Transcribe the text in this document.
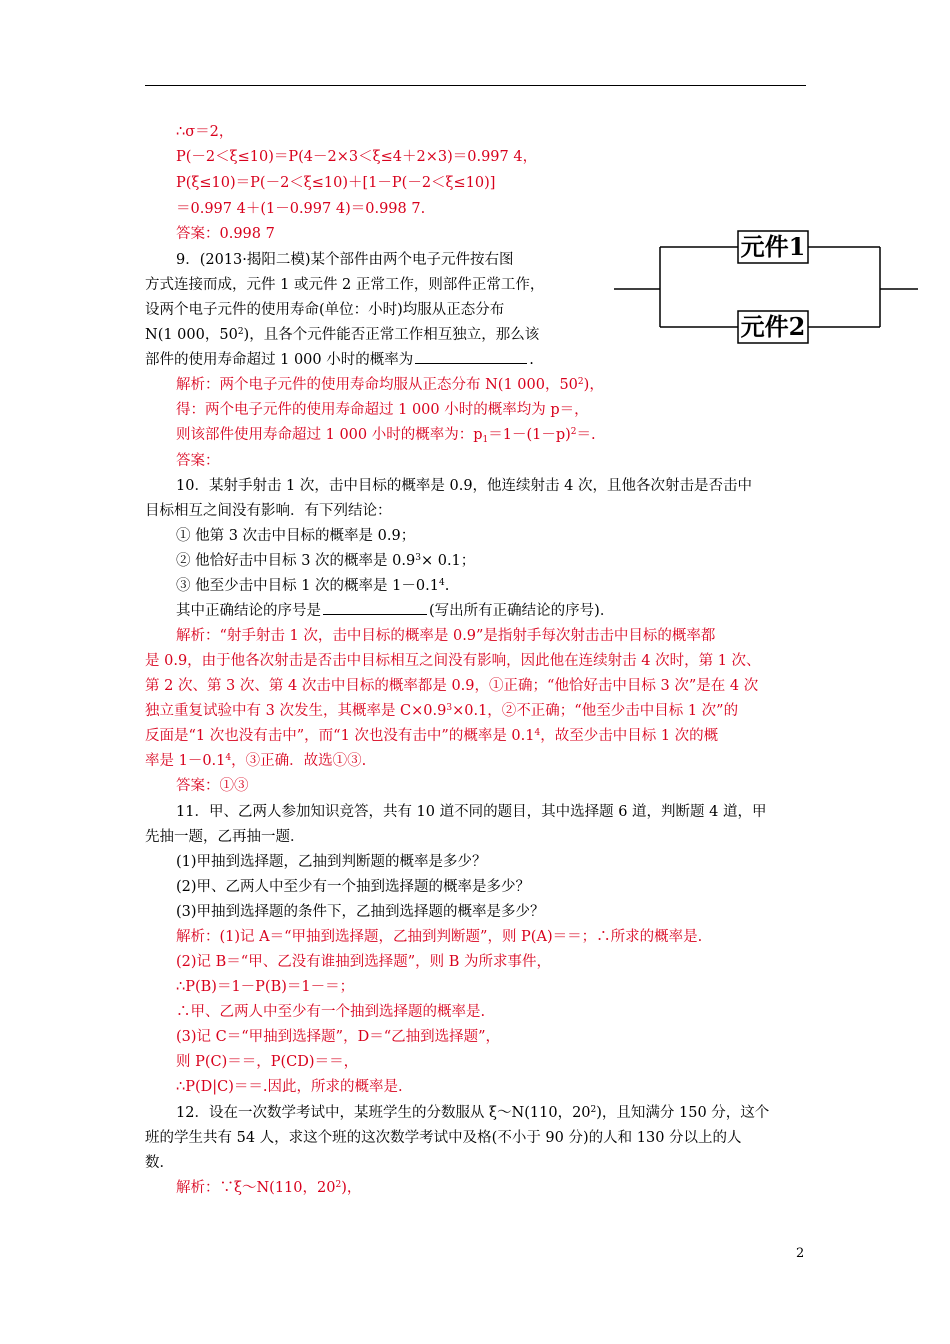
∴σ＝2，
P(－2＜ξ≤10)＝P(4－2×3＜ξ≤4＋2×3)＝0.997 4，
P(ξ≤10)＝P(－2＜ξ≤10)＋[1－P(－2＜ξ≤10)]
＝0.997 4＋(1－0.997 4)＝0.998 7.
答案：0.998 7
9．(2013·揭阳二模)某个部件由两个电子元件按右图
方式连接而成，元件 1 或元件 2 正常工作，则部件正常工作，
设两个电子元件的使用寿命(单位：小时)均服从正态分布
N(1 000，$50^2$)，且各个元件能否正常工作相互独立，那么该
部件的使用寿命超过 1 000 小时的概率为	.
解析：两个电子元件的使用寿命均服从正态分布 N(1 000，$50^2$)，
得：两个电子元件的使用寿命超过 1 000 小时的概率均为 p＝，
则该部件使用寿命超过 1 000 小时的概率为：$p_1=1-(1-p)^2=$.
答案：
元件1
元件2
10．某射手射击 1 次，击中目标的概率是 0.9，他连续射击 4 次，且他各次射击是否击中
目标相互之间没有影响．有下列结论：
① 他第 3 次击中目标的概率是 0.9；
② 他恰好击中目标 3 次的概率是 $0.9^3\times 0.1$；
③ 他至少击中目标 1 次的概率是 $1-0.1^4$.
其中正确结论的序号是	(写出所有正确结论的序号)．
解析：“射手射击 1 次，击中目标的概率是 0.9”是指射手每次射击击中目标的概率都
是 0.9，由于他各次射击是否击中目标相互之间没有影响，因此他在连续射击 4 次时，第 1 次、
第 2 次、第 3 次、第 4 次击中目标的概率都是 0.9，①正确；“他恰好击中目标 3 次”是在 4 次
独立重复试验中有 3 次发生，其概率是 $C\times 0.9^3\times 0.1$，②不正确；“他至少击中目标 1 次”的
反面是“1 次也没有击中”，而“1 次也没有击中”的概率是 $0.1^4$，故至少击中目标 1 次的概
率是 $1-0.1^4$，③正确．故选①③.
答案：①③
11．甲、乙两人参加知识竞答，共有 10 道不同的题目，其中选择题 6 道，判断题 4 道，甲
先抽一题，乙再抽一题．
(1)甲抽到选择题，乙抽到判断题的概率是多少？
(2)甲、乙两人中至少有一个抽到选择题的概率是多少？
(3)甲抽到选择题的条件下，乙抽到选择题的概率是多少？
解析：(1)记 A＝“甲抽到选择题，乙抽到判断题”，则 P(A)＝＝；∴所求的概率是.
(2)记 B＝“甲、乙没有谁抽到选择题”，则 B 为所求事件，
∴P(B)＝1－P(B)＝1－＝；
∴甲、乙两人中至少有一个抽到选择题的概率是.
(3)记 C＝“甲抽到选择题”，D＝“乙抽到选择题”，
则 P(C)＝＝，P(CD)＝＝，
∴P(D|C)＝＝.因此，所求的概率是.
12．设在一次数学考试中，某班学生的分数服从 ξ～N(110，$20^2$)，且知满分 150 分，这个
班的学生共有 54 人，求这个班的这次数学考试中及格(不小于 90 分)的人和 130 分以上的人
数．
解析：∵ξ～N(110，$20^2$)，
2
